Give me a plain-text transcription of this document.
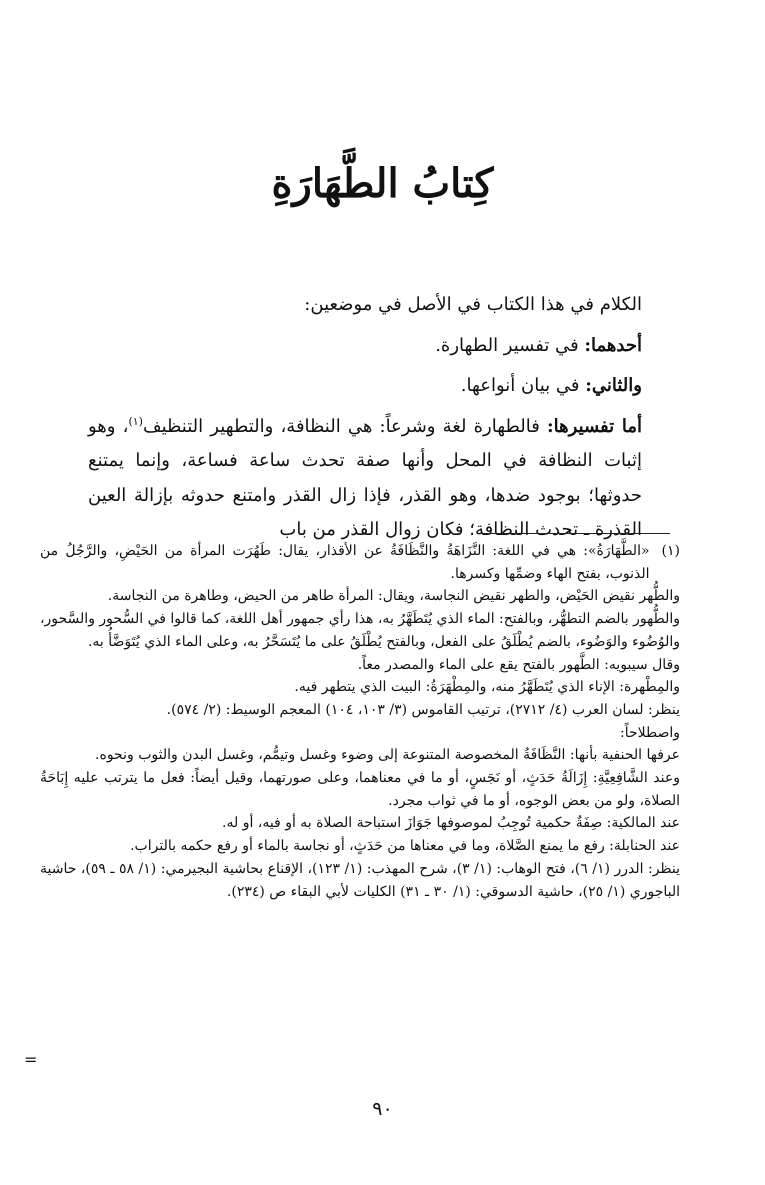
كِتابُ الطَّهَارَةِ

الكلام في هذا الكتاب في الأصل في موضعين:

أحدهما: في تفسير الطهارة.

والثاني: في بيان أنواعها.

أما تفسيرها: فالطهارة لغة وشرعاً: هي النظافة، والتطهير التنظيف$^{(١)}$، وهو إثبات النظافة في المحل وأنها صفة تحدث ساعة فساعة، وإنما يمتنع حدوثها؛ بوجود ضدها، وهو القذر، فإذا زال القذر وامتنع حدوثه بإزالة العين القذرة ـ تحدث النظافة؛ فكان زوال القذر من باب

(١)
«الطَّهَارَةُ»: هي في اللغة: النَّزَاهَةُ والنَّظَافَةُ عن الأقذار، يقال: طَهُرَت المرأة من الحَيْضِ، والرَّجُلُ من الذنوب، بفتح الهاء وضمِّها وكسرها.

والطُّهر نقيض الحَيْض، والطهر نقيض النجاسة، ويقال: المرأة طاهر من الحيض، وطاهرة من النجاسة.

والطُّهور بالضم التطهُّر، وبالفتح: الماء الذي يُتَطَهَّرُ به، هذا رأي جمهور أهل اللغة، كما قالوا في السُّحور والسَّحور، والوُضُوء والوَضُوء، بالضم يُطْلَقُ على الفعل، وبالفتح يُطْلَقُ على ما يُتَسَحَّرُ به، وعلى الماء الذي يُتَوَضَّأُ به.

وقال سيبويه: الطَّهور بالفتح يقع على الماء والمصدر معاً.

والمِطْهرة: الإناء الذي يُتَطَهَّرُ منه، والمِطْهَرَةُ: البيت الذي يتطهر فيه.

ينظر: لسان العرب (٤/ ٢٧١٢)، ترتيب القاموس (٣/ ١٠٣، ١٠٤) المعجم الوسيط: (٢/ ٥٧٤).

واصطلاحاً:

عرفها الحنفية بأنها: النَّظَافَةُ المخصوصة المتنوعة إلى وضوء وغسل وتيمُّم، وغسل البدن والثوب ونحوه.

وعند الشَّافِعِيَّةِ: إِزَالَةُ حَدَثٍ، أو نَجَسٍ، أو ما في معناهما، وعلى صورتهما، وقيل أيضاً: فعل ما يترتب عليه إِبَاحَةُ الصلاة، ولو من بعض الوجوه، أو ما في ثواب مجرد.

عند المالكية: صِفَةٌ حكمية تُوجِبُ لموصوفها جَوَازَ استباحة الصلاة به أو فيه، أو له.

عند الحنابلة: رفع ما يمنع الصَّلاة، وما في معناها من حَدَثٍ، أو نجاسة بالماء أو رفع حكمه بالتراب.

ينظر: الدرر (١/ ٦)، فتح الوهاب: (١/ ٣)، شرح المهذب: (١/ ١٢٣)، الإقناع بحاشية البجيرمي: (١/ ٥٨ ـ ٥٩)، حاشية الباجوري (١/ ٢٥)، حاشية الدسوقي: (١/ ٣٠ ـ ٣١) الكليات لأبي البقاء ص (٢٣٤).

=
٩٠
